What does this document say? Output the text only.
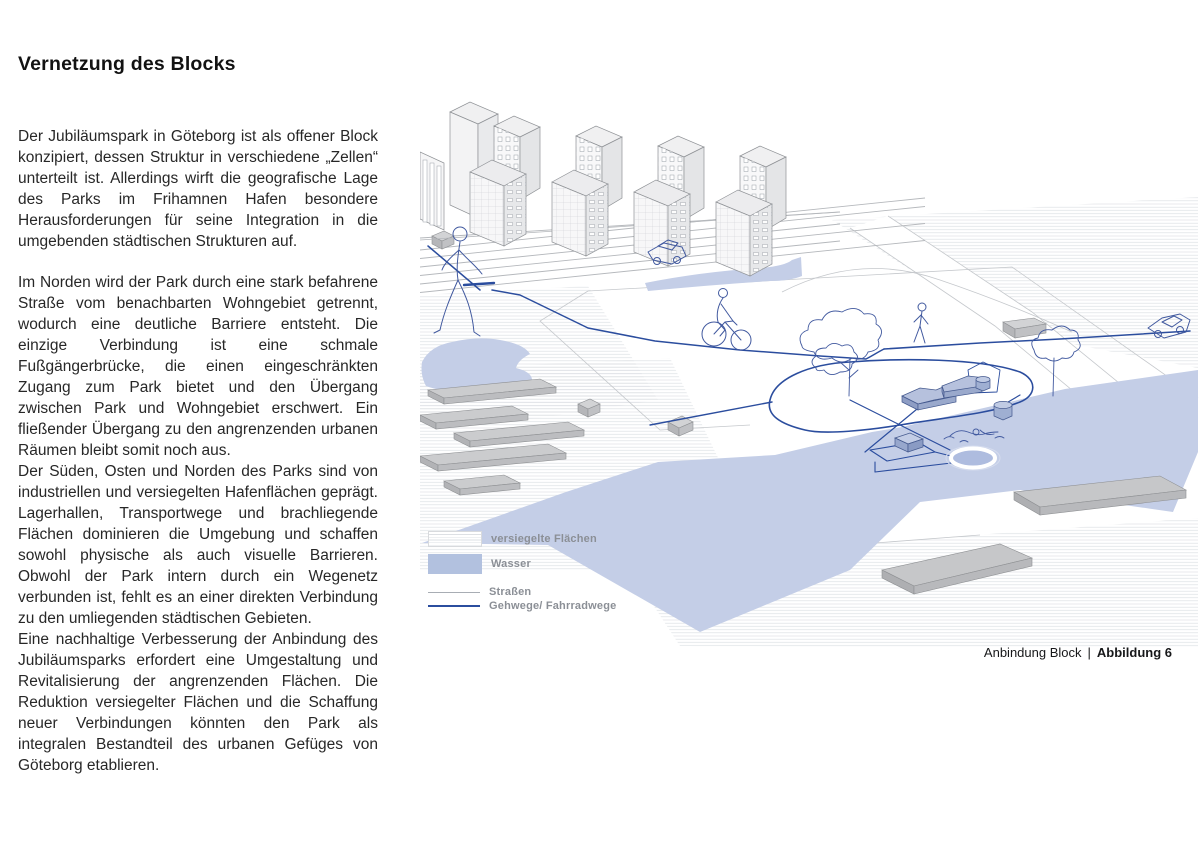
Vernetzung des Blocks

Der Jubiläumspark in Göteborg ist als offener Block konzipiert, dessen Struktur in verschiedene „Zellen“ unterteilt ist. Allerdings wirft die geografische Lage des Parks im Frihamnen Hafen besondere Herausforderungen für seine Integration in die umgebenden städtischen Strukturen auf.

Im Norden wird der Park durch eine stark befahrene Straße vom benachbarten Wohngebiet getrennt, wodurch eine deutliche Barriere entsteht. Die einzige Verbindung ist eine schmale Fußgängerbrücke, die einen eingeschränkten Zugang zum Park bietet und den Übergang zwischen Park und Wohngebiet erschwert. Ein fließender Übergang zu den angrenzenden urbanen Räumen bleibt somit noch aus.

Der Süden, Osten und Norden des Parks sind von industriellen und versiegelten Hafenflächen geprägt. Lagerhallen, Transportwege und brachliegende Flächen dominieren die Umgebung und schaffen sowohl physische als auch visuelle Barrieren. Obwohl der Park intern durch ein Wegenetz verbunden ist, fehlt es an einer direkten Verbindung zu den umliegenden städtischen Gebieten.

Eine nachhaltige Verbesserung der Anbindung des Jubiläumsparks erfordert eine Umgestaltung und Revitalisierung der angrenzenden Flächen. Die Reduktion versiegelter Flächen und die Schaffung neuer Verbindungen könnten den Park als integralen Bestandteil des urbanen Gefüges von Göteborg etablieren.

versiegelte Flächen
Wasser
Straßen
Gehwege/ Fahrradwege
Anbindung Block | Abbildung 6
